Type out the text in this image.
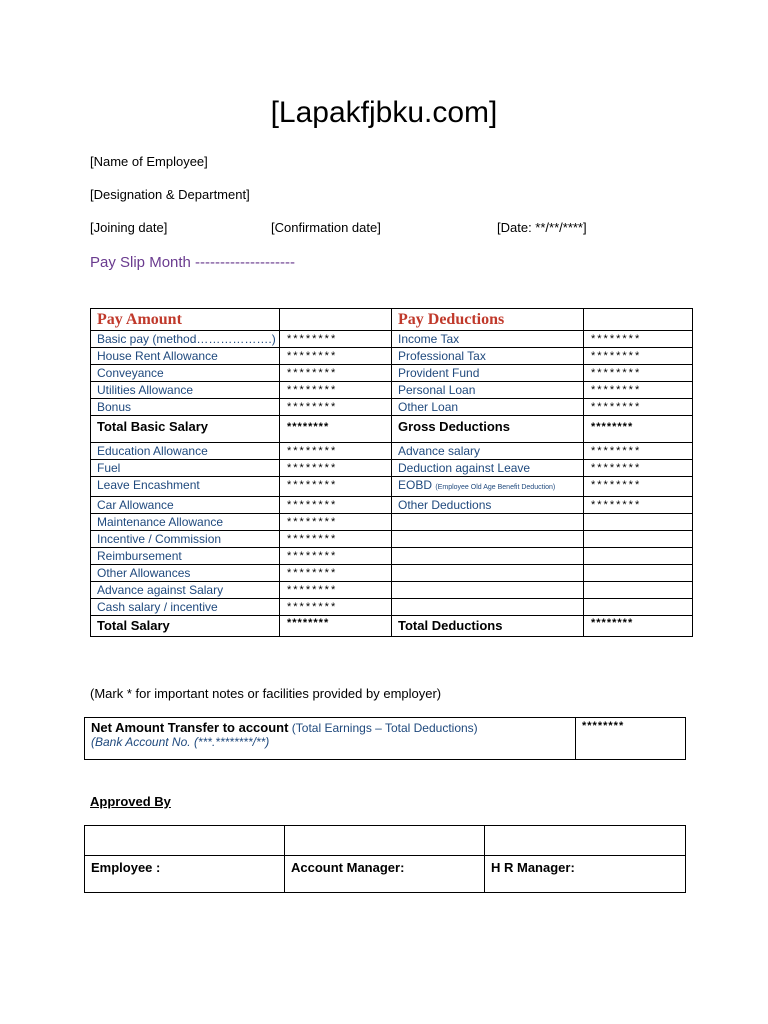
[Lapakfjbku.com]
[Name of Employee]
[Designation & Department]
[Joining date]	[Confirmation date]	[Date: **/**/****]
Pay Slip Month --------------------
Pay Amount		Pay Deductions	
Basic pay (method……………….)	********	Income Tax	********
House Rent Allowance	********	Professional Tax	********
Conveyance	********	Provident Fund	********
Utilities Allowance	********	Personal Loan	********
Bonus	********	Other Loan	********
Total Basic Salary	********	Gross Deductions	********
Education Allowance	********	Advance salary	********
Fuel	********	Deduction against Leave	********
Leave Encashment	********	EOBD (Employee Old Age Benefit Deduction)	********
Car Allowance	********	Other Deductions	********
Maintenance Allowance	********		
Incentive / Commission	********		
Reimbursement	********		
Other Allowances	********		
Advance against Salary	********		
Cash salary / incentive	********		
Total Salary	********	Total Deductions	********
(Mark * for important notes or facilities provided by employer)
Net Amount Transfer to account (Total Earnings – Total Deductions)
(Bank Account No. (***.********/**)	********
Approved By

Employee :	Account Manager:	H R Manager:
